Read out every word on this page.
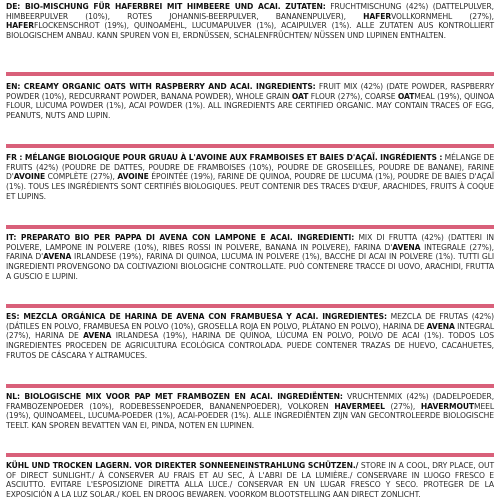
DE: BIO-MISCHUNG FÜR HAFERBREI MIT HIMBEERE UND ACAI. ZUTATEN: FRUCHTMISCHUNG (42%) (DATTELPULVER, HIMBEERPULVER (10%), ROTES JOHANNIS-BEERPULVER, BANANENPULVER), HAFERVOLLKORNMEHL (27%), HAFERFLOCKENSCHROT (19%), QUINOAMEHL, LUCUMAPULVER (1%), ACAIPULVER (1%). ALLE ZUTATEN AUS KONTROLLIERT BIOLOGISCHEM ANBAU. KANN SPUREN VON EI, ERDNÜSSEN, SCHALENFRÜCHTEN/ NÜSSEN UND LUPINEN ENTHALTEN.

EN: CREAMY ORGANIC OATS WITH RASPBERRY AND ACAI. INGREDIENTS: FRUIT MIX (42%) (DATE POWDER, RASPBERRY POWDER (10%), REDCURRANT POWDER, BANANA POWDER), WHOLE GRAIN OAT FLOUR (27%), COARSE OATMEAL (19%), QUINOA FLOUR, LUCUMA POWDER (1%), ACAI POWDER (1%). ALL INGREDIENTS ARE CERTIFIED ORGANIC. MAY CONTAIN TRACES OF EGG, PEANUTS, NUTS AND LUPIN.

FR : MÉLANGE BIOLOGIQUE POUR GRUAU À L'AVOINE AUX FRAMBOISES ET BAIES D'AÇAÏ. INGRÉDIENTS : MÉLANGE DE FRUITS (42%) (POUDRE DE DATTES, POUDRE DE FRAMBOISES (10%), POUDRE DE GROSEILLES, POUDRE DE BANANE), FARINE D'AVOINE COMPLÈTE (27%), AVOINE ÉPOINTÉE (19%), FARINE DE QUINOA, POUDRE DE LUCUMA (1%), POUDRE DE BAIES D'AÇAÏ (1%). TOUS LES INGRÉDIENTS SONT CERTIFIÉS BIOLOGIQUES. PEUT CONTENIR DES TRACES D'ŒUF, ARACHIDES, FRUITS À COQUE ET LUPINS.

IT: PREPARATO BIO PER PAPPA DI AVENA CON LAMPONE E ACAI. INGREDIENTI: MIX DI FRUTTA (42%) (DATTERI IN POLVERE, LAMPONE IN POLVERE (10%), RIBES ROSSI IN POLVERE, BANANA IN POLVERE), FARINA D'AVENA INTEGRALE (27%), FARINA D'AVENA IRLANDESE (19%), FARINA DI QUINOA, LUCUMA IN POLVERE (1%), BACCHE DI ACAI IN POLVERE (1%). TUTTI GLI INGREDIENTI PROVENGONO DA COLTIVAZIONI BIOLOGICHE CONTROLLATE. PUÒ CONTENERE TRACCE DI UOVO, ARACHIDI, FRUTTA A GUSCIO E LUPINI.

ES: MEZCLA ORGÁNICA DE HARINA DE AVENA CON FRAMBUESA Y ACAI. INGREDIENTES: MEZCLA DE FRUTAS (42%) (DÁTILES EN POLVO, FRAMBUESA EN POLVO (10%), GROSELLA ROJA EN POLVO, PLÁTANO EN POLVO), HARINA DE AVENA INTEGRAL (27%), HARINA DE AVENA IRLANDESA (19%), HARINA DE QUINOA, LÚCUMA EN POLVO, POLVO DE ACAI (1%). TODOS LOS INGREDIENTES PROCEDEN DE AGRICULTURA ECOLÓGICA CONTROLADA. PUEDE CONTENER TRAZAS DE HUEVO, CACAHUETES, FRUTOS DE CÁSCARA Y ALTRAMUCES.

NL: BIOLOGISCHE MIX VOOR PAP MET FRAMBOZEN EN ACAI. INGREDIËNTEN: VRUCHTENMIX (42%) (DADELPOEDER, FRAMBOZENPOEDER (10%), RODEBESSENPOEDER, BANANENPOEDER), VOLKOREN HAVERMEEL (27%), HAVERMOUTMEEL (19%), QUINOAMEEL, LUCUMA-POEDER (1%), ACAI-POEDER (1%). ALLE INGREDIËNTEN ZIJN VAN GECONTROLEERDE BIOLOGISCHE TEELT. KAN SPOREN BEVATTEN VAN EI, PINDA, NOTEN EN LUPINEN.

KÜHL UND TROCKEN LAGERN. VOR DIREKTER SONNEENEINSTRAHLUNG SCHÜTZEN./ STORE IN A COOL, DRY PLACE, OUT OF DIRECT SUNLIGHT./ À CONSERVER AU FRAIS ET AU SEC, À L'ABRI DE LA LUMIÈRE./ CONSERVARE IN LUOGO FRESCO E ASCIUTTO. EVITARE L'ESPOSIZIONE DIRETTA ALLA LUCE./ CONSERVAR EN UN LUGAR FRESCO Y SECO. PROTEGER DE LA EXPOSICIÓN A LA LUZ SOLAR./ KOEL EN DROOG BEWAREN. VOORKOM BLOOTSTELLING AAN DIRECT ZONLICHT.
